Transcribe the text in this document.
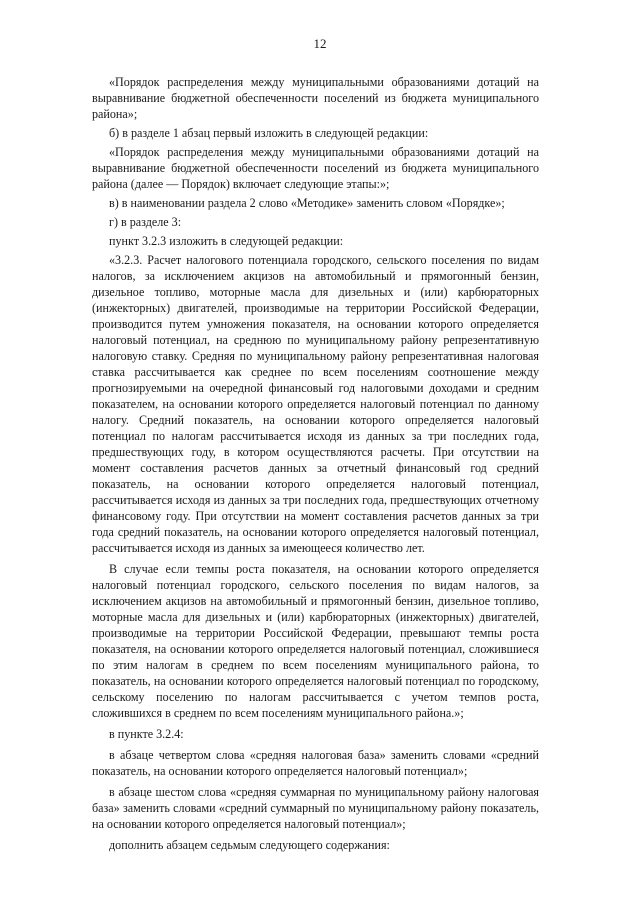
12

«Порядок распределения между муниципальными образованиями дотаций на выравнивание бюджетной обеспеченности поселений из бюджета муниципального района»;

б) в разделе 1 абзац первый изложить в следующей редакции:

«Порядок распределения между муниципальными образованиями дотаций на выравнивание бюджетной обеспеченности поселений из бюджета муниципального района (далее — Порядок) включает следующие этапы:»;

в) в наименовании раздела 2 слово «Методике» заменить словом «Порядке»;

г) в разделе 3:

пункт 3.2.3 изложить в следующей редакции:

«3.2.3. Расчет налогового потенциала городского, сельского поселения по видам налогов, за исключением акцизов на автомобильный и прямогонный бензин, дизельное топливо, моторные масла для дизельных и (или) карбюраторных (инжекторных) двигателей, производимые на территории Российской Федерации, производится путем умножения показателя, на основании которого определяется налоговый потенциал, на среднюю по муниципальному району репрезентативную налоговую ставку. Средняя по муниципальному району репрезентативная налоговая ставка рассчитывается как среднее по всем поселениям соотношение между прогнозируемыми на очередной финансовый год налоговыми доходами и средним показателем, на основании которого определяется налоговый потенциал по данному налогу. Средний показатель, на основании которого определяется налоговый потенциал по налогам рассчитывается исходя из данных за три последних года, предшествующих году, в котором осуществляются расчеты. При отсутствии на момент составления расчетов данных за отчетный финансовый год средний показатель, на основании которого определяется налоговый потенциал, рассчитывается исходя из данных за три последних года, предшествующих отчетному финансовому году. При отсутствии на момент составления расчетов данных за три года средний показатель, на основании которого определяется налоговый потенциал, рассчитывается исходя из данных за имеющееся количество лет.

В случае если темпы роста показателя, на основании которого определяется налоговый потенциал городского, сельского поселения по видам налогов, за исключением акцизов на автомобильный и прямогонный бензин, дизельное топливо, моторные масла для дизельных и (или) карбюраторных (инжекторных) двигателей, производимые на территории Российской Федерации, превышают темпы роста показателя, на основании которого определяется налоговый потенциал, сложившиеся по этим налогам в среднем по всем поселениям муниципального района, то показатель, на основании которого определяется налоговый потенциал по городскому, сельскому поселению по налогам рассчитывается с учетом темпов роста, сложившихся в среднем по всем поселениям муниципального района.»;

в пункте 3.2.4:

в абзаце четвертом слова «средняя налоговая база» заменить словами «средний показатель, на основании которого определяется налоговый потенциал»;

в абзаце шестом слова «средняя суммарная по муниципальному району налоговая база» заменить словами «средний суммарный по муниципальному району показатель, на основании которого определяется налоговый потенциал»;

дополнить абзацем седьмым следующего содержания:
